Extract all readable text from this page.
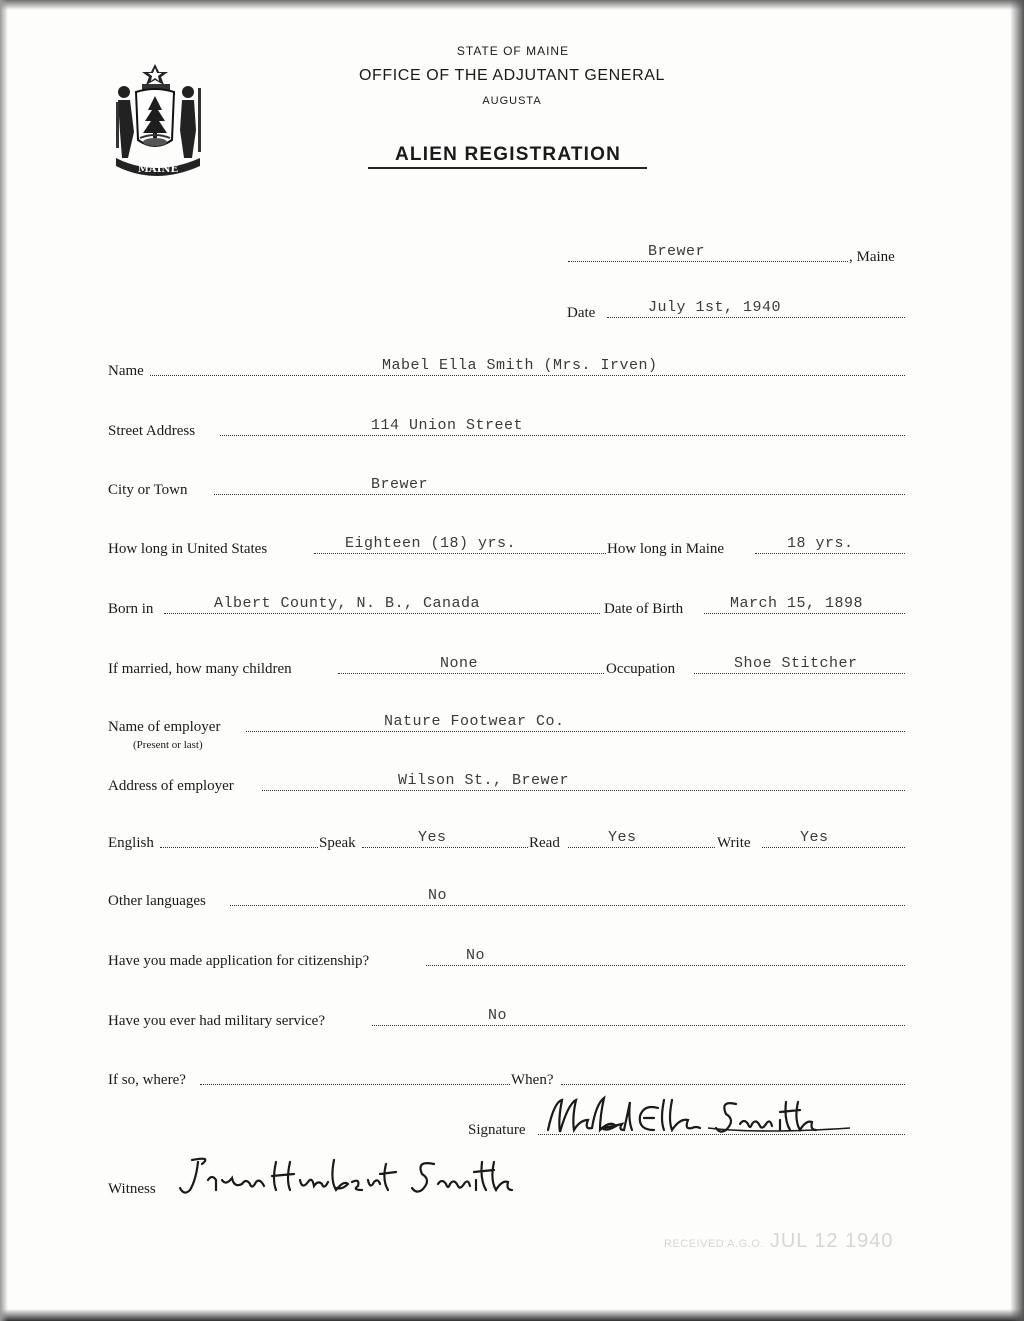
MAINE
STATE OF MAINE
OFFICE OF THE ADJUTANT GENERAL
AUGUSTA
ALIEN REGISTRATION
Brewer	, Maine
Date	July 1st, 1940
Name	Mabel Ella Smith (Mrs. Irven)
Street Address	114 Union Street
City or Town	Brewer
How long in United States	Eighteen (18) yrs.	How long in Maine	18 yrs.
Born in	Albert County, N. B., Canada	Date of Birth	March 15, 1898
If married, how many children	None	Occupation	Shoe Stitcher
Name of employer	Nature Footwear Co.
(Present or last)
Address of employer	Wilson St., Brewer
English	Speak	Yes	Read	Yes	Write	Yes
Other languages	No
Have you made application for citizenship?	No
Have you ever had military service?	No
If so, where?	When?
Signature
Witness
RECEIVED A.G.O. JUL 12 1940
